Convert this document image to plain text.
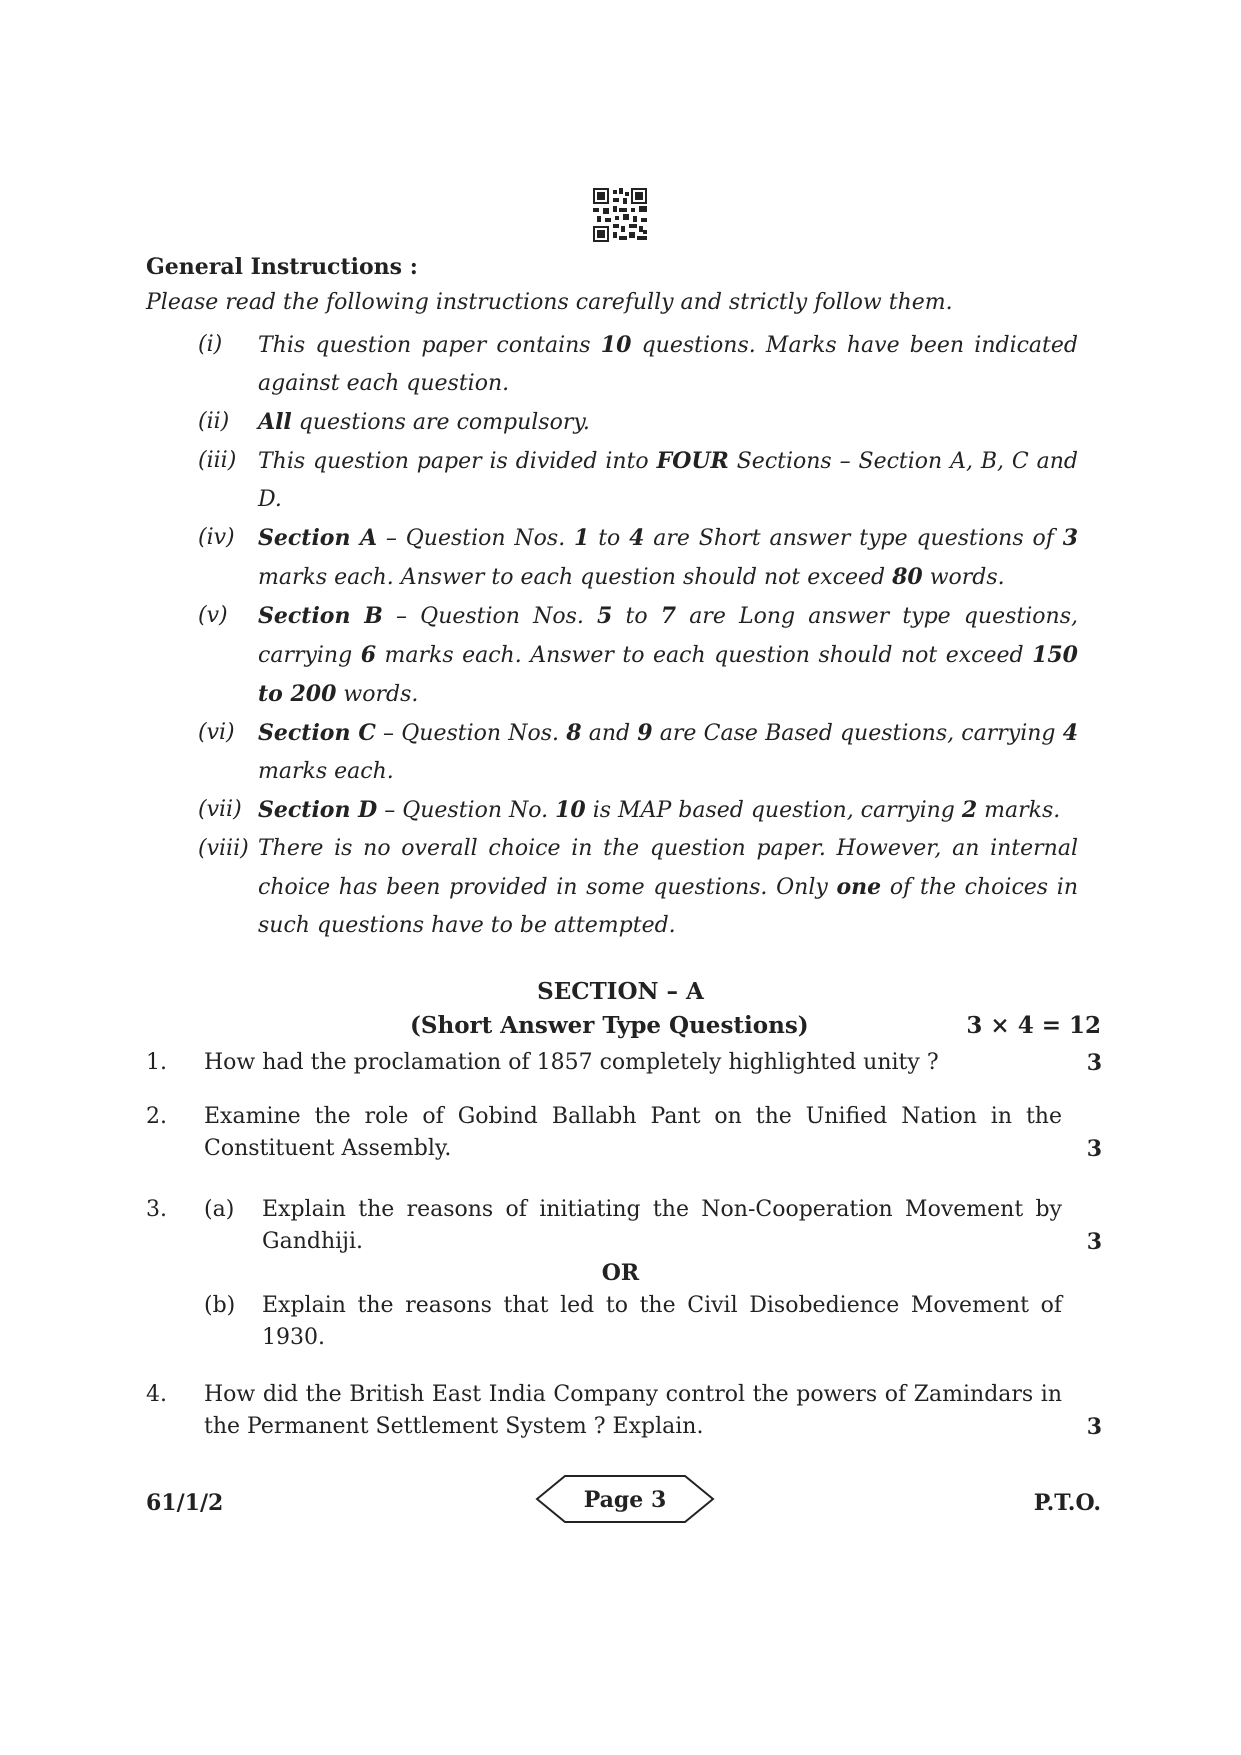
General Instructions :
Please read the following instructions carefully and strictly follow them.
(i)	This question paper contains 10 questions. Marks have been indicated against each question.
(ii)	All questions are compulsory.
(iii) This question paper is divided into FOUR Sections – Section A, B, C and D.
(iv)	Section A – Question Nos. 1 to 4 are Short answer type questions of 3 marks each. Answer to each question should not exceed 80 words.
(v)	Section B – Question Nos. 5 to 7 are Long answer type questions, carrying 6 marks each. Answer to each question should not exceed 150 to 200 words.
(vi)	Section C – Question Nos. 8 and 9 are Case Based questions, carrying 4 marks each.
(vii) Section D – Question No. 10 is MAP based question, carrying 2 marks.
(viii) There is no overall choice in the question paper. However, an internal choice has been provided in some questions. Only one of the choices in such questions have to be attempted.
SECTION – A
(Short Answer Type Questions)	3 × 4 = 12
1. How had the proclamation of 1857 completely highlighted unity ?	3
2. Examine the role of Gobind Ballabh Pant on the Unified Nation in the Constituent Assembly.	3
3. (a) Explain the reasons of initiating the Non-Cooperation Movement by Gandhiji.	3
(b) Explain the reasons that led to the Civil Disobedience Movement of 1930.
OR
4. How did the British East India Company control the powers of Zamindars in the Permanent Settlement System ? Explain.	3
61/1/2	Page 3	P.T.O.
